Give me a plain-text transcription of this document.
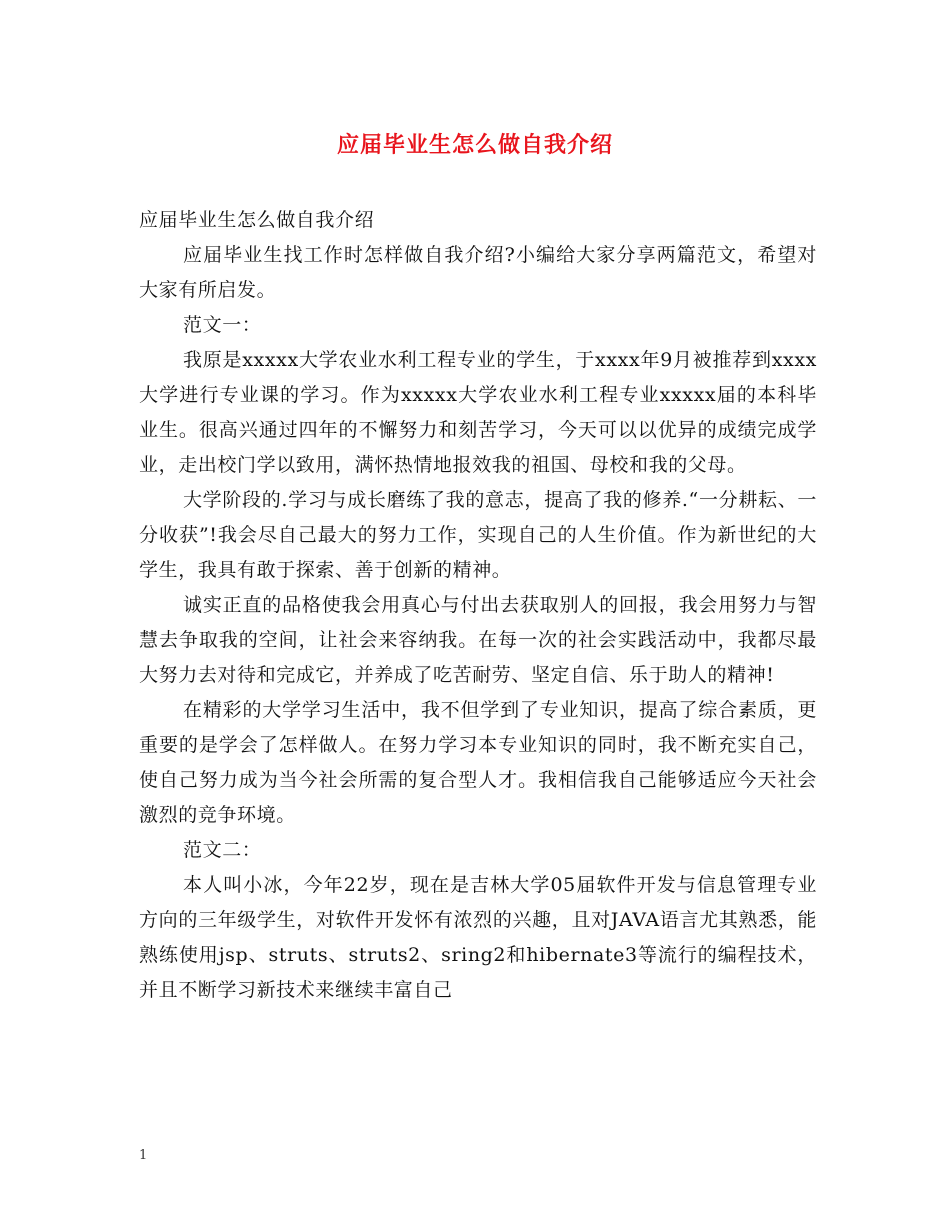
应届毕业生怎么做自我介绍

应届毕业生怎么做自我介绍

应届毕业生找工作时怎样做自我介绍?小编给大家分享两篇范文，希望对大家有所启发。

范文一：

我原是xxxxx大学农业水利工程专业的学生，于xxxx年9月被推荐到xxxx大学进行专业课的学习。作为xxxxx大学农业水利工程专业xxxxx届的本科毕业生。很高兴通过四年的不懈努力和刻苦学习，今天可以以优异的成绩完成学业，走出校门学以致用，满怀热情地报效我的祖国、母校和我的父母。

大学阶段的.学习与成长磨练了我的意志，提高了我的修养.“一分耕耘、一分收获”!我会尽自己最大的努力工作，实现自己的人生价值。作为新世纪的大学生，我具有敢于探索、善于创新的精神。

诚实正直的品格使我会用真心与付出去获取别人的回报，我会用努力与智慧去争取我的空间，让社会来容纳我。在每一次的社会实践活动中，我都尽最大努力去对待和完成它，并养成了吃苦耐劳、坚定自信、乐于助人的精神!

在精彩的大学学习生活中，我不但学到了专业知识，提高了综合素质，更重要的是学会了怎样做人。在努力学习本专业知识的同时，我不断充实自己，使自己努力成为当今社会所需的复合型人才。我相信我自己能够适应今天社会激烈的竞争环境。

范文二：

本人叫小冰，今年22岁，现在是吉林大学05届软件开发与信息管理专业方向的三年级学生，对软件开发怀有浓烈的兴趣，且对JAVA语言尤其熟悉，能熟练使用jsp、struts、struts2、sring2和hibernate3等流行的编程技术，并且不断学习新技术来继续丰富自己

1
